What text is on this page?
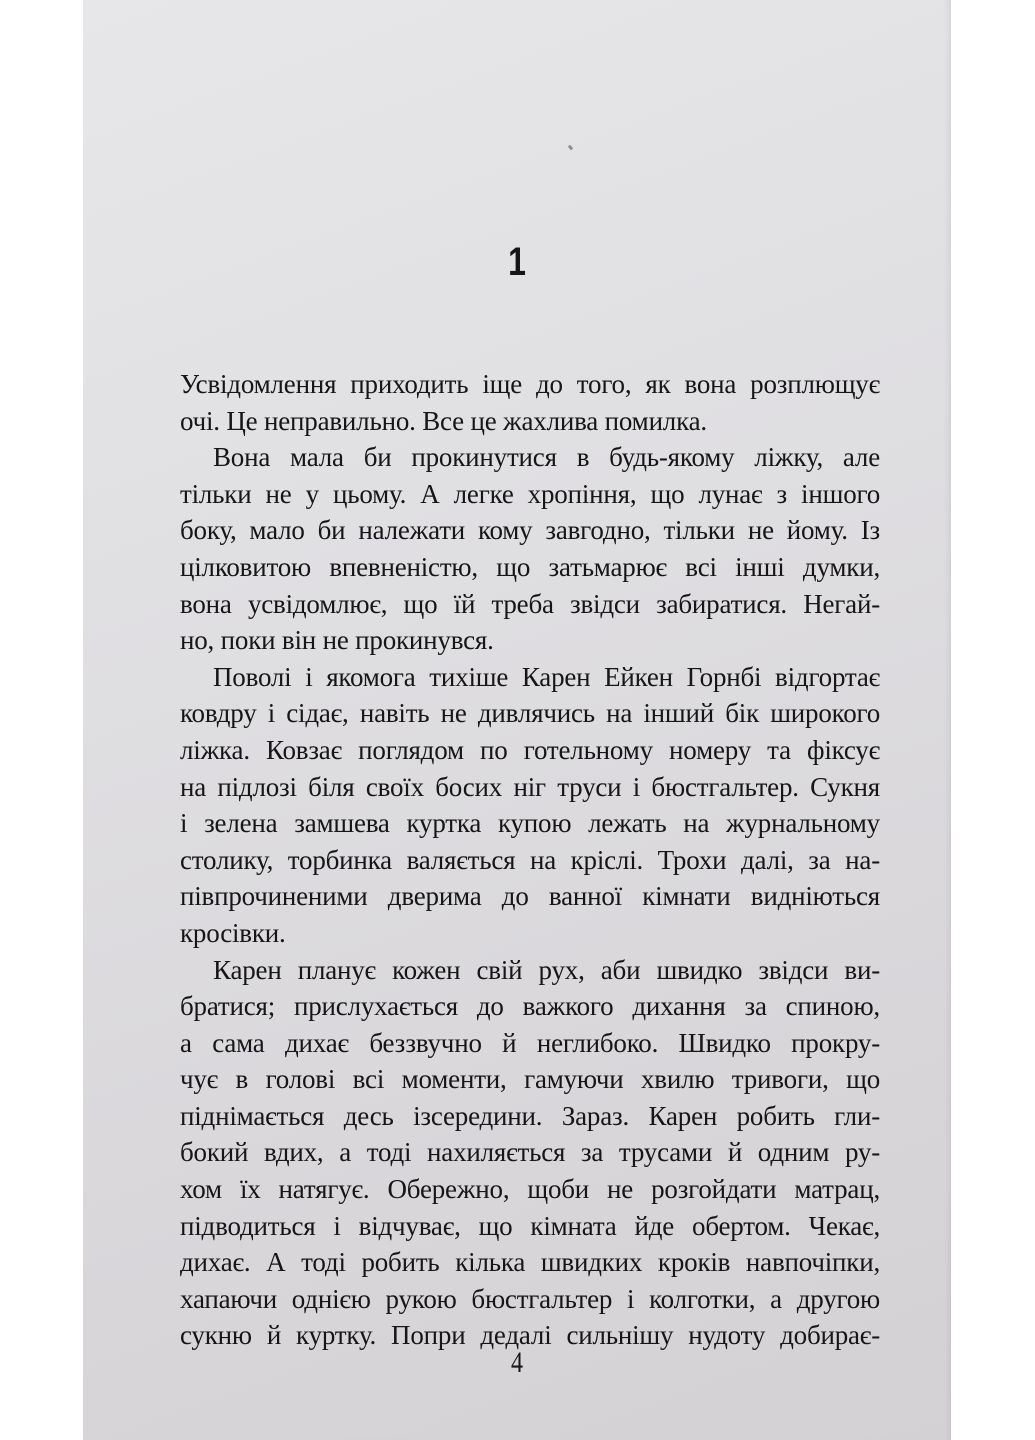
1
Усвідомлення приходить іще до того, як вона розплющує
очі. Це неправильно. Все це жахлива помилка.
Вона мала би прокинутися в будь-якому ліжку, але
тільки не у цьому. А легке хропіння, що лунає з іншого
боку, мало би належати кому завгодно, тільки не йому. Із
цілковитою впевненістю, що затьмарює всі інші думки,
вона усвідомлює, що їй треба звідси забиратися. Негай-
но, поки він не прокинувся.
Поволі і якомога тихіше Карен Ейкен Горнбі відгортає
ковдру і сідає, навіть не дивлячись на інший бік широкого
ліжка. Ковзає поглядом по готельному номеру та фіксує
на підлозі біля своїх босих ніг труси і бюстгальтер. Сукня
і зелена замшева куртка купою лежать на журнальному
столику, торбинка валяється на кріслі. Трохи далі, за на-
півпрочиненими дверима до ванної кімнати видніються
кросівки.
Карен планує кожен свій рух, аби швидко звідси ви-
братися; прислухається до важкого дихання за спиною,
а сама дихає беззвучно й неглибоко. Швидко прокру-
чує в голові всі моменти, гамуючи хвилю тривоги, що
піднімається десь ізсередини. Зараз. Карен робить гли-
бокий вдих, а тоді нахиляється за трусами й одним ру-
хом їх натягує. Обережно, щоби не розгойдати матрац,
підводиться і відчуває, що кімната йде обертом. Чекає,
дихає. А тоді робить кілька швидких кроків навпочіпки,
хапаючи однією рукою бюстгальтер і колготки, а другою
сукню й куртку. Попри дедалі сильнішу нудоту добирає-
4
